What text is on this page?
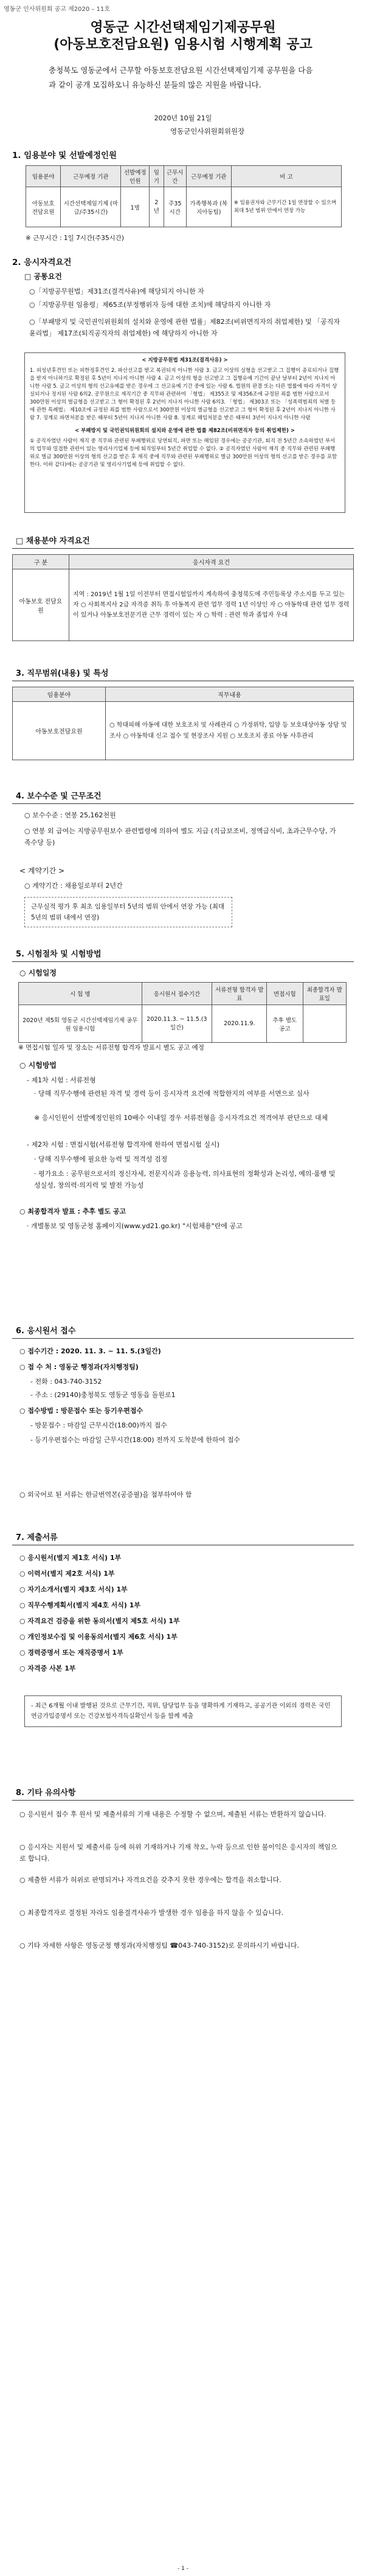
영동군 인사위원회 공고 제2020 – 11호
영동군 시간선택제임기제공무원
(아동보호전담요원) 임용시험 시행계획 공고
충청북도 영동군에서 근무할 아동보호전담요원 시간선택제임기제 공무원을 다음과 같이 공개 모집하오니 유능하신 분들의 많은 지원을 바랍니다.
2020년 10월 21일
영동군인사위원회위원장
1. 임용분야 및 선발예정인원
임용분야	근무예정 기관	선발예정 인원	임기	근무시간	근무예정 기관	비 고
아동보호 전담요원	시간선택제임기제 (마급/주35시간)	1명	2년	주35시간	가족행복과 (복지아동팀)	※ 임용권자와 근무기간 1일 연장할 수 있으며 최대 5년 범위 안에서 연장 가능
※ 근무시간 : 1일 7시간(주35시간)
2. 응시자격요건
□ 공통요건
○「지방공무원법」제31조(결격사유)에 해당되지 아니한 자
○「지방공무원 임용령」제65조(부정행위자 등에 대한 조치)에 해당하지 아니한 자
○「부패방지 및 국민권익위원회의 설치와 운영에 관한 법률」제82조(비위면직자의 취업제한) 및 「공직자윤리법」 제17조(퇴직공직자의 취업제한) 에 해당하지 아니한 자
< 지방공무원법 제31조(결격사유) >
1. 피성년후견인 또는 피한정후견인 2. 파산선고를 받고 복권되지 아니한 사람 3. 금고 이상의 실형을 선고받고 그 집행이 종료되거나 집행을 받지 아니하기로 확정된 후 5년이 지나지 아니한 사람 4. 금고 이상의 형을 선고받고 그 집행유예 기간이 끝난 날부터 2년이 지나지 아니한 사람 5. 금고 이상의 형의 선고유예를 받은 경우에 그 선고유예 기간 중에 있는 사람 6. 법원의 판결 또는 다른 법률에 따라 자격이 상실되거나 정지된 사람 6의2. 공무원으로 재직기간 중 직무와 관련하여 「형법」 제355조 및 제356조에 규정된 죄를 범한 사람으로서 300만원 이상의 벌금형을 선고받고 그 형이 확정된 후 2년이 지나지 아니한 사람 6의3. 「형법」 제303조 또는 「성폭력범죄의 처벌 등에 관한 특례법」 제10조에 규정된 죄를 범한 사람으로서 300만원 이상의 벌금형을 선고받고 그 형이 확정된 후 2년이 지나지 아니한 사람 7. 징계로 파면처분을 받은 때부터 5년이 지나지 아니한 사람 8. 징계로 해임처분을 받은 때부터 3년이 지나지 아니한 사람
< 부패방지 및 국민권익위원회의 설치와 운영에 관한 법률 제82조(비위면직자 등의 취업제한) >
① 공직자였던 사람이 재직 중 직무와 관련된 부패행위로 당연퇴직, 파면 또는 해임된 경우에는 공공기관, 퇴직 전 5년간 소속하였던 부서의 업무와 밀접한 관련이 있는 영리사기업체 등에 퇴직일부터 5년간 취업할 수 없다. ② 공직자였던 사람이 재직 중 직무와 관련된 부패행위로 벌금 300만원 이상의 형의 선고를 받은 후 재직 중에 직무와 관련된 부패행위로 벌금 300만원 이상의 형의 선고를 받은 경우를 포함한다. 이하 같다)에는 공공기관 및 영리사기업체 등에 취업할 수 없다.
□ 채용분야 자격요건
구 분	응시자격 요건
아동보호 전담요원	지역 : 2019년 1월 1일 이전부터 면접시험일까지 계속하여 충청북도에 주민등록상 주소지를 두고 있는 자 ○ 사회복지사 2급 자격증 취득 후 아동복지 관련 업무 경력 1년 이상인 자 ○ 아동학대 관련 업무 경력이 있거나 아동보호전문기관 근무 경력이 있는 자 ○ 학력 : 관련 학과 졸업자 우대
3. 직무범위(내용) 및 특성
임용분야	직무내용
아동보호전담요원	○ 학대피해 아동에 대한 보호조치 및 사례관리 ○ 가정위탁, 입양 등 보호대상아동 상담 및 조사 ○ 아동학대 신고 접수 및 현장조사 지원 ○ 보호조치 종료 아동 사후관리
4. 보수수준 및 근무조건
○ 보수수준 : 연봉 25,162천원
○ 연봉 외 급여는 지방공무원보수 관련법령에 의하여 별도 지급 (직급보조비, 정액급식비, 초과근무수당, 가족수당 등)
< 계약기간 >
○ 계약기간 : 채용일로부터 2년간
근무실적 평가 후 최초 임용일부터 5년의 범위 안에서 연장 가능 (최대 5년의 범위 내에서 연장)
5. 시험절차 및 시험방법
○ 시험일정
시 험 명	응시원서 접수기간	서류전형 합격자 발표	면접시험	최종합격자 발표일
2020년 제5회 영동군 시간선택제임기제 공무원 임용시험	2020.11.3. ~ 11.5.(3일간)	2020.11.9.	추후 별도 공고	
※ 면접시험 일자 및 장소는 서류전형 합격자 발표시 별도 공고 예정
○ 시험방법
- 제1차 시험 : 서류전형
· 당해 직무수행에 관련된 자격 및 경력 등이 응시자격 요건에 적합한지의 여부를 서면으로 심사
※ 응시인원이 선발예정인원의 10배수 이내일 경우 서류전형을 응시자격요건 적격여부 판단으로 대체
- 제2차 시험 : 면접시험(서류전형 합격자에 한하여 면접시험 실시)
· 당해 직무수행에 필요한 능력 및 적격성 검정
· 평가요소 : 공무원으로서의 정신자세, 전문지식과 응용능력, 의사표현의 정확성과 논리성, 예의·품행 및 성실성, 창의력·의지력 및 발전 가능성
○ 최종합격자 발표 : 추후 별도 공고
· 개별통보 및 영동군청 홈페이지(www.yd21.go.kr) "시험채용"란에 공고
6. 응시원서 접수
○ 접수기간 : 2020. 11. 3. ~ 11. 5.(3일간)
○ 접 수 처 : 영동군 행정과(자치행정팀)
- 전화 : 043-740-3152
- 주소 : (29140)충청북도 영동군 영동읍 돌원로1
○ 접수방법 : 방문접수 또는 등기우편접수
- 방문접수 : 마감일 근무시간(18:00)까지 접수
- 등기우편접수는 마감일 근무시간(18:00) 전까지 도착분에 한하여 접수
○ 외국어로 된 서류는 한글번역본(공증필)을 첨부하여야 함
7. 제출서류
○ 응시원서(별지 제1호 서식) 1부
○ 이력서(별지 제2호 서식) 1부
○ 자기소개서(별지 제3호 서식) 1부
○ 직무수행계획서(별지 제4호 서식) 1부
○ 자격요건 검증을 위한 동의서(별지 제5호 서식) 1부
○ 개인정보수집 및 이용동의서(별지 제6호 서식) 1부
○ 경력증명서 또는 재직증명서 1부
○ 자격증 사본 1부
- 최근 6개월 이내 발행된 것으로 근무기간, 직위, 담당업무 등을 명확하게 기재하고, 공공기관 이외의 경력은 국민연금가입증명서 또는 건강보험자격득실확인서 등을 함께 제출
8. 기타 유의사항
○ 응시원서 접수 후 원서 및 제출서류의 기재 내용은 수정할 수 없으며, 제출된 서류는 반환하지 않습니다.
○ 응시자는 지원서 및 제출서류 등에 허위 기재하거나 기재 착오, 누락 등으로 인한 불이익은 응시자의 책임으로 합니다.
○ 제출한 서류가 허위로 판명되거나 자격요건을 갖추지 못한 경우에는 합격을 취소합니다.
○ 최종합격자로 결정된 자라도 임용결격사유가 발생한 경우 임용을 하지 않을 수 있습니다.
○ 기타 자세한 사항은 영동군청 행정과(자치행정팀 ☎043-740-3152)로 문의하시기 바랍니다.
- 1 -
